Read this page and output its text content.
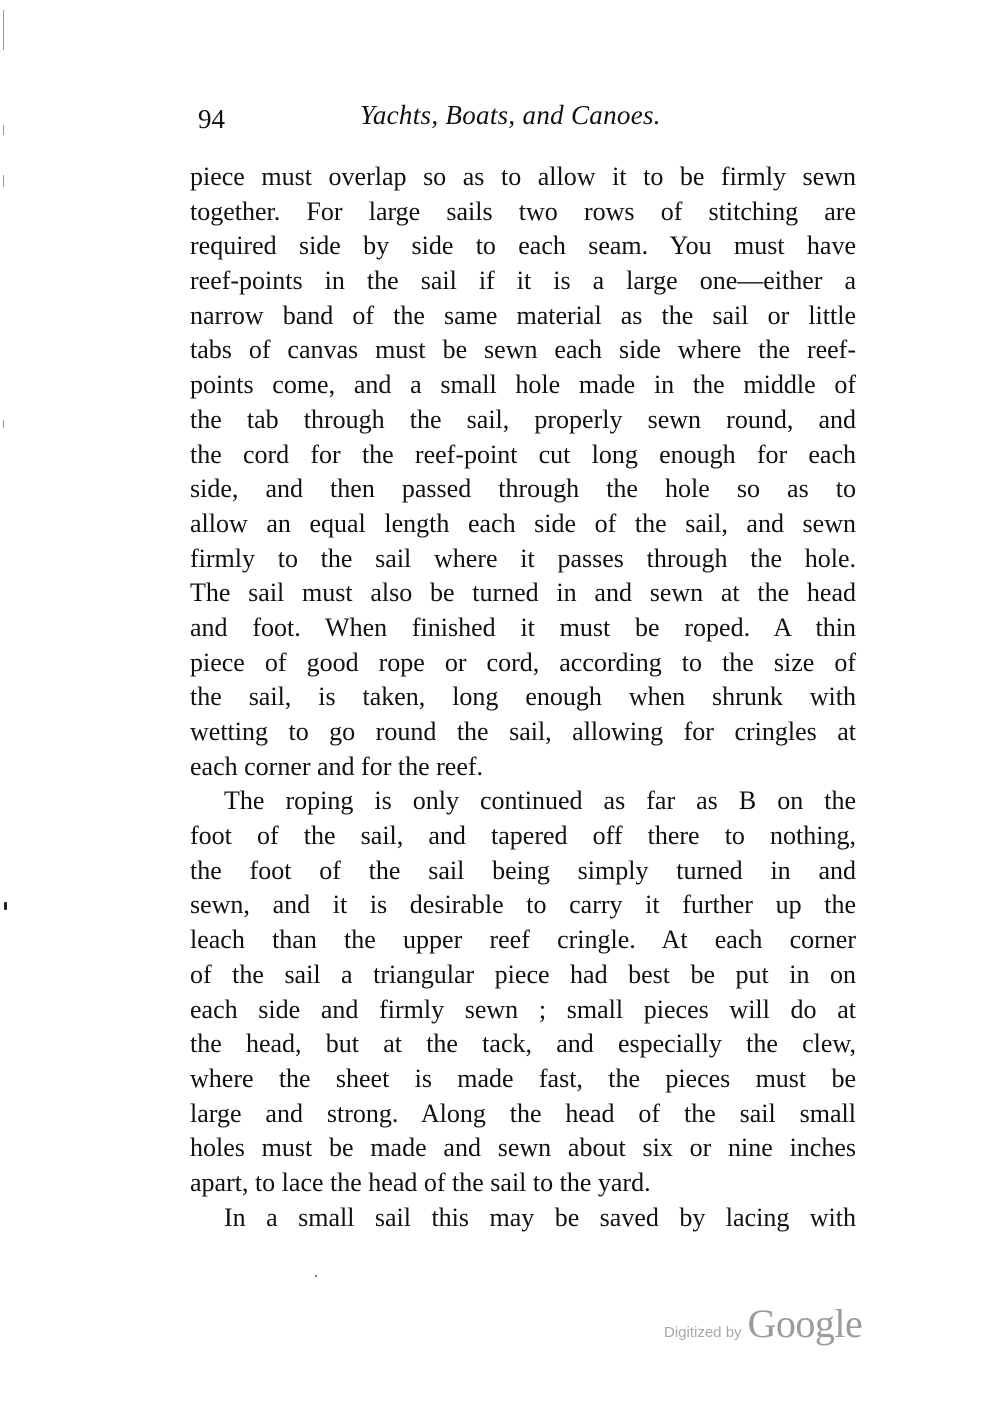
94	Yachts, Boats, and Canoes.
piece must overlap so as to allow it to be firmly sewn
together. For large sails two rows of stitching are
required side by side to each seam. You must have
reef-points in the sail if it is a large one—either a
narrow band of the same material as the sail or little
tabs of canvas must be sewn each side where the reef-
points come, and a small hole made in the middle of
the tab through the sail, properly sewn round, and
the cord for the reef-point cut long enough for each
side, and then passed through the hole so as to
allow an equal length each side of the sail, and sewn
firmly to the sail where it passes through the hole.
The sail must also be turned in and sewn at the head
and foot. When finished it must be roped. A thin
piece of good rope or cord, according to the size of
the sail, is taken, long enough when shrunk with
wetting to go round the sail, allowing for cringles at
each corner and for the reef.
The roping is only continued as far as B on the
foot of the sail, and tapered off there to nothing,
the foot of the sail being simply turned in and
sewn, and it is desirable to carry it further up the
leach than the upper reef cringle. At each corner
of the sail a triangular piece had best be put in on
each side and firmly sewn ; small pieces will do at
the head, but at the tack, and especially the clew,
where the sheet is made fast, the pieces must be
large and strong. Along the head of the sail small
holes must be made and sewn about six or nine inches
apart, to lace the head of the sail to the yard.
In a small sail this may be saved by lacing with
Digitized by Google
